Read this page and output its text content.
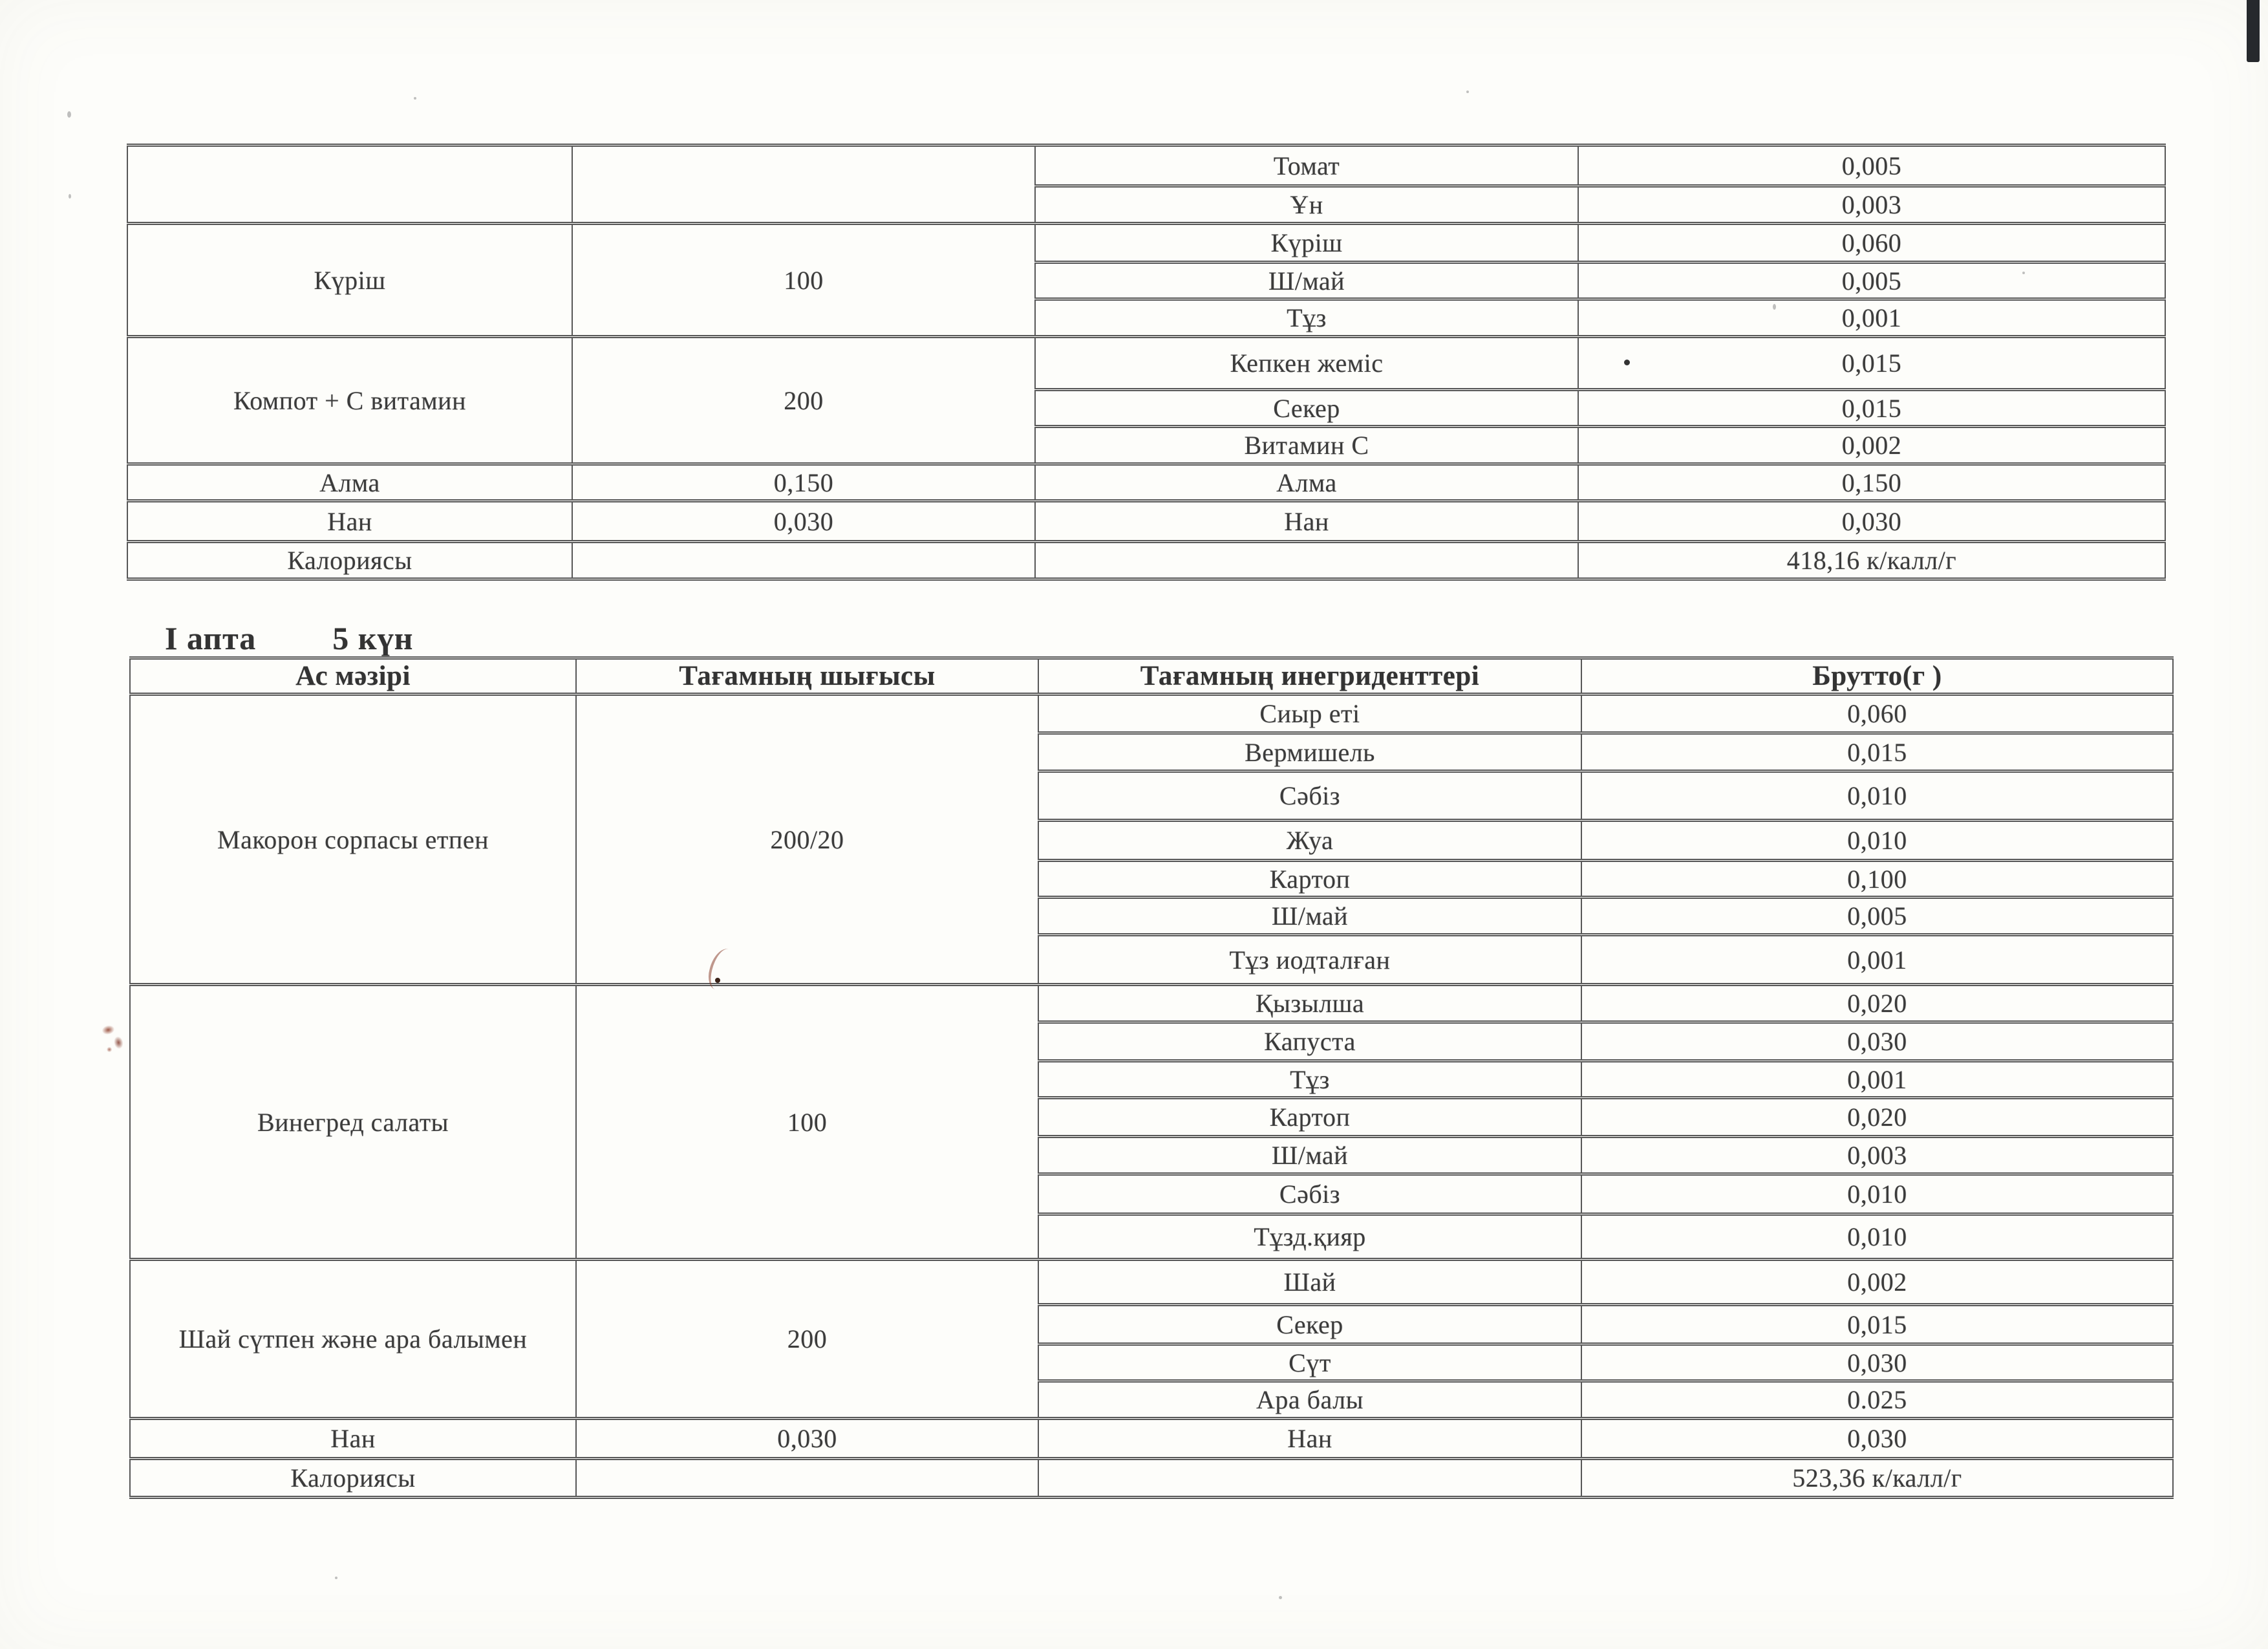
		Томат	0,005
		Ұн	0,003
Күріш	100	Күріш	0,060
		Ш/май	0,005
		Тұз	0,001
Компот + С витамин	200	Кепкен жеміс	0,015
		Секер	0,015
		Витамин С	0,002
Алма	0,150	Алма	0,150
Нан	0,030	Нан	0,030
Калориясы			418,16 к/калл/г
І апта 5 күн
Ас мәзірі	Тағамның шығысы	Тағамның инегриденттері	Брутто(г )
Макорон сорпасы етпен	200/20	Сиыр еті	0,060
		Вермишель	0,015
		Сәбіз	0,010
		Жуа	0,010
		Картоп	0,100
		Ш/май	0,005
		Тұз иодталған	0,001
Винегред салаты	100	Қызылша	0,020
		Капуста	0,030
		Тұз	0,001
		Картоп	0,020
		Ш/май	0,003
		Сәбіз	0,010
		Тұзд.қияр	0,010
Шай сүтпен және ара балымен	200	Шай	0,002
		Секер	0,015
		Сүт	0,030
		Ара балы	0.025
Нан	0,030	Нан	0,030
Калориясы			523,36 к/калл/г
